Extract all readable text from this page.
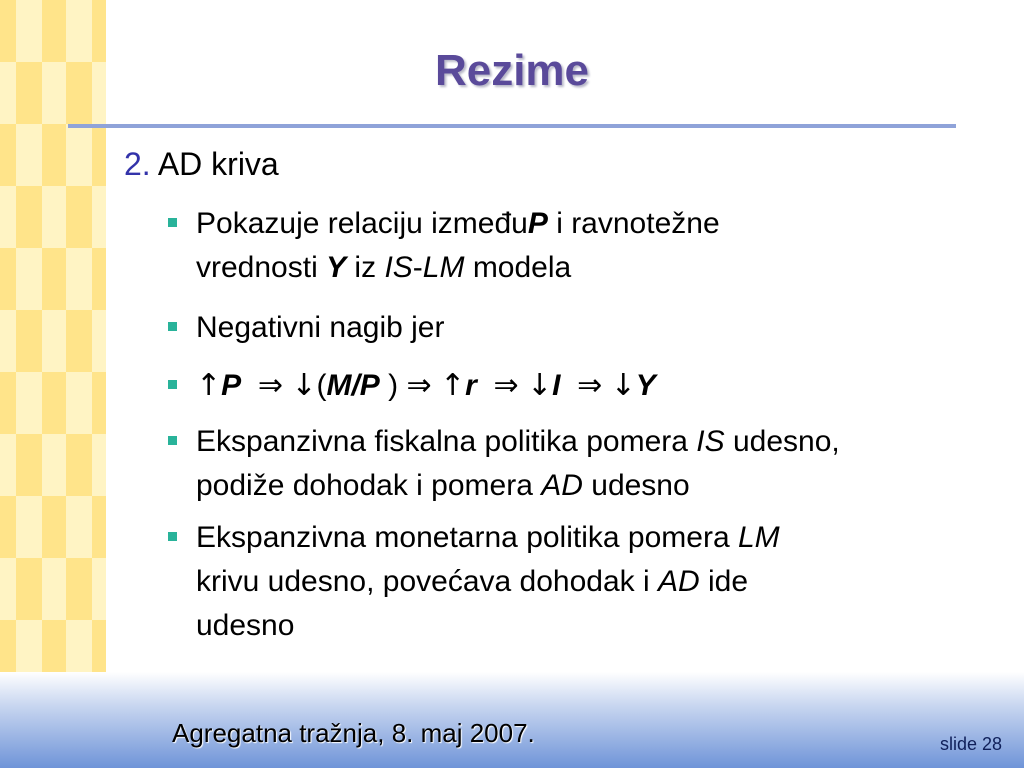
Rezime
2. AD kriva
Pokazuje relaciju izmeđuP i ravnotežne
vrednosti Y iz IS-LM modela
Negativni nagib jer
↑P ⇒ ↓(M/P ) ⇒ ↑r ⇒ ↓I ⇒ ↓Y
Ekspanzivna fiskalna politika pomera IS udesno,
podiže dohodak i pomera AD udesno
Ekspanzivna monetarna politika pomera LM
krivu udesno, povećava dohodak i AD ide
udesno
Agregatna tražnja, 8. maj 2007.	slide 28
